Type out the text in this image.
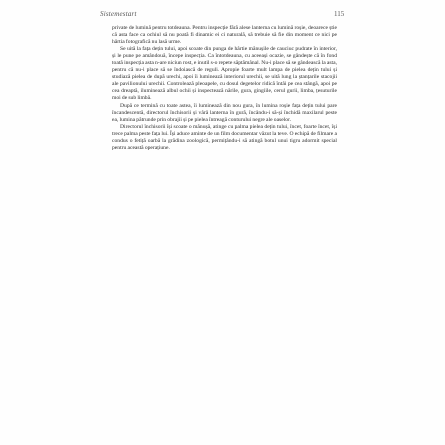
Sistemestart	115

private de lumină pentru totdeauna. Pentru inspecție fără alese lanterna cu lumină roșie, deoarece știe că asta face ca ochiul să nu poată fi dinamic ei ci naturală, să trebuie să fie din moment ce nici pe hârtia fotografică nu lasă urme.

Se uită la fața dețin tului, apoi scoate din punga de hârtie mănușile de cauciuc pudrate în interior, și le pune pe amândouă, începe inspecția. Ca întotdeauna, cu aceeași ocazie, se gândește că în fond toată inspecția asta n-are niciun rost, e inutil s-o repete săptămânal. Nu-i place să se gândească la asta, pentru că nu-i place să se îndoiască de reguli. Apropie foarte mult lampa de pielea dețin tului și studiază pielea de după urechi, apoi îi luminează interiorul urechii, se uită lung la ștanțarile stacojii ale pavilionului urechii. Controlează pleoapele, cu dosul degetelor ridică întâi pe cea stângă, apoi pe cea dreaptă, iluminează albul ochii și inspectează nările, gura, gingiile, cerul gurii, limba, țesuturile moi de sub limbă.

După ce termină cu toate astea, îi luminează din nou gura, în lumina roșie fața dețin tului pare încandescentă, directorul închisorii și vârâ lanterna în gură, încându-i să-și închidă maxilarul peste ea, lumina pătrunde prin obrajii și pe pielea întreagă conturului negre ale oaselor.

Directorul închisorii își scoate o mănușă, atinge cu palma pielea dețin tului, încet, foarte încet, își trece palma peste fața lui. Își aduce aminte de un film documentar văzut la teve. O echipă de filmare a condus o fetiță oarbă la grădina zoologică, permițându-i să atingă botul unui tigru adormit special pentru această operațiune.
